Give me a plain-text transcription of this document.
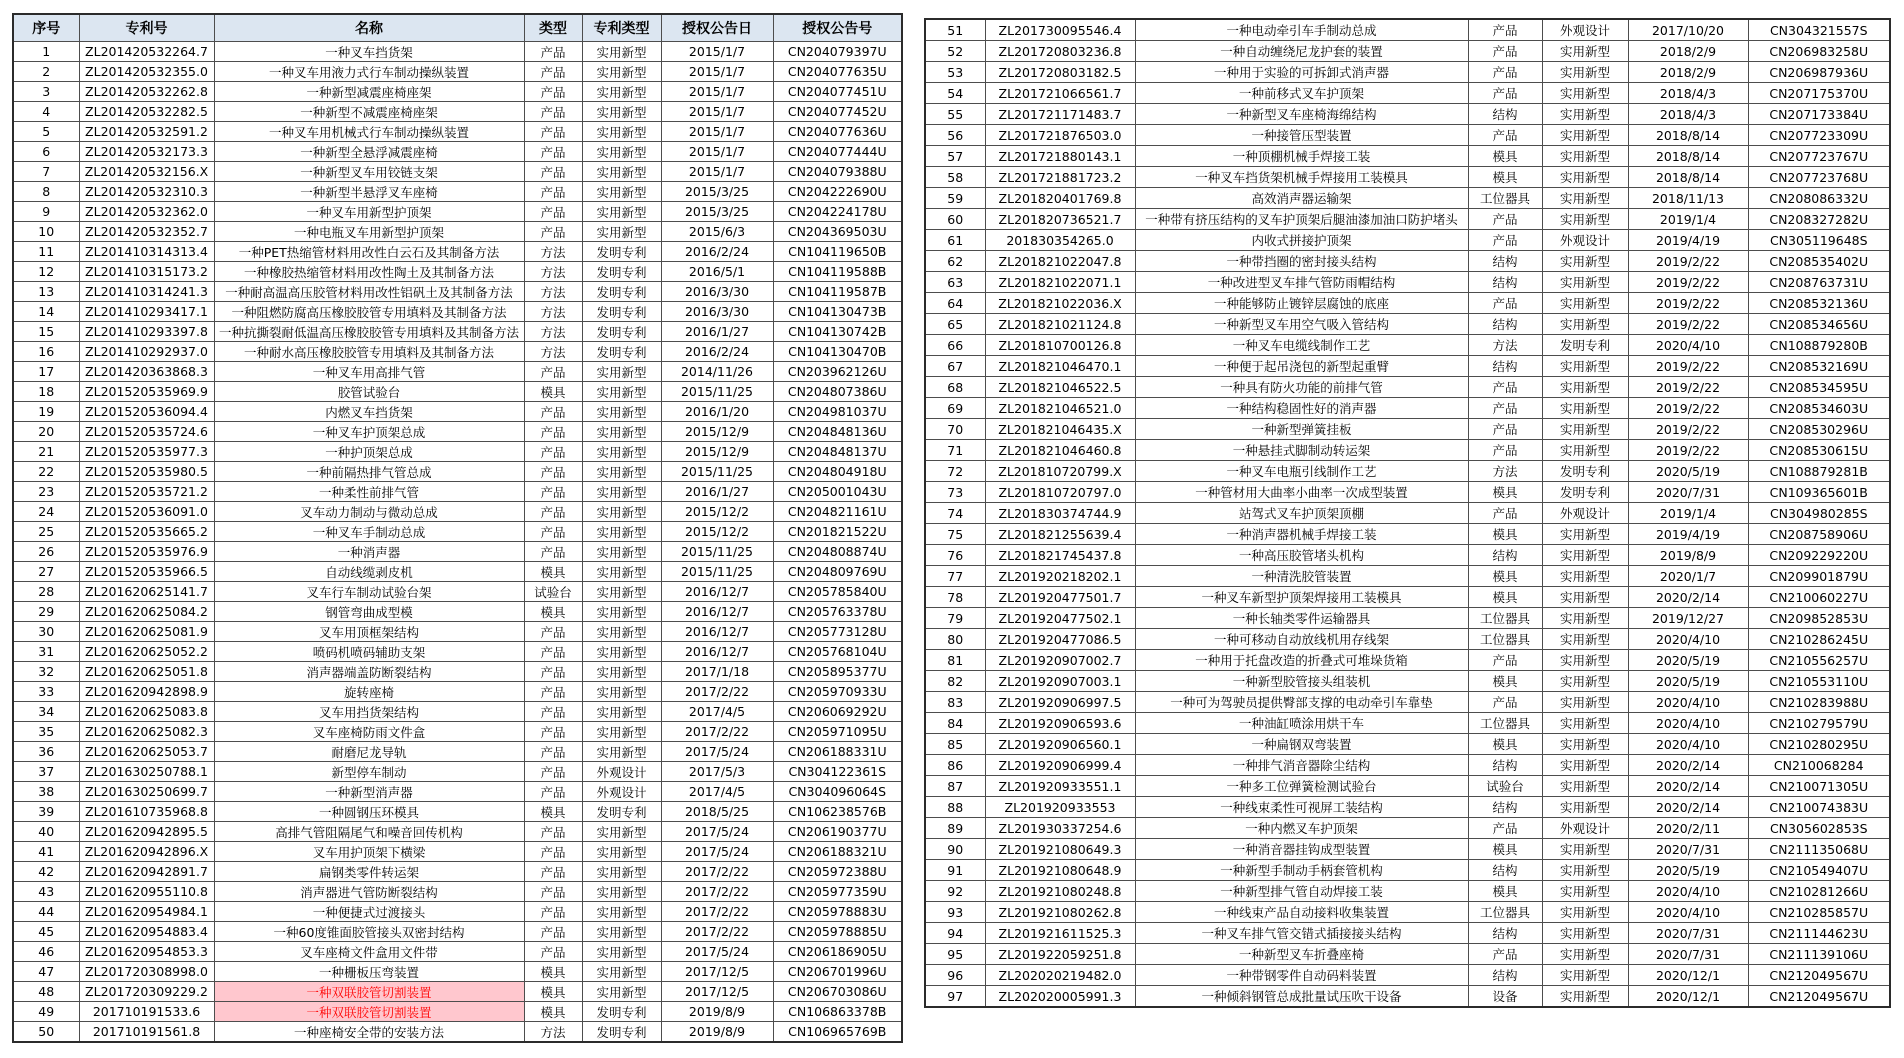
序号	专利号	名称	类型	专利类型	授权公告日	授权公告号
1	ZL201420532264.7	一种叉车挡货架	产品	实用新型	2015/1/7	CN204079397U
2	ZL201420532355.0	一种叉车用液力式行车制动操纵装置	产品	实用新型	2015/1/7	CN204077635U
3	ZL201420532262.8	一种新型减震座椅座架	产品	实用新型	2015/1/7	CN204077451U
4	ZL201420532282.5	一种新型不减震座椅座架	产品	实用新型	2015/1/7	CN204077452U
5	ZL201420532591.2	一种叉车用机械式行车制动操纵装置	产品	实用新型	2015/1/7	CN204077636U
6	ZL201420532173.3	一种新型全悬浮减震座椅	产品	实用新型	2015/1/7	CN204077444U
7	ZL201420532156.X	一种新型叉车用铰链支架	产品	实用新型	2015/1/7	CN204079388U
8	ZL201420532310.3	一种新型半悬浮叉车座椅	产品	实用新型	2015/3/25	CN204222690U
9	ZL201420532362.0	一种叉车用新型护顶架	产品	实用新型	2015/3/25	CN204224178U
10	ZL201420532352.7	一种电瓶叉车用新型护顶架	产品	实用新型	2015/6/3	CN204369503U
11	ZL201410314313.4	一种PET热缩管材料用改性白云石及其制备方法	方法	发明专利	2016/2/24	CN104119650B
12	ZL201410315173.2	一种橡胶热缩管材料用改性陶土及其制备方法	方法	发明专利	2016/5/1	CN104119588B
13	ZL201410314241.3	一种耐高温高压胶管材料用改性铝矾土及其制备方法	方法	发明专利	2016/3/30	CN104119587B
14	ZL201410293417.1	一种阻燃防腐高压橡胶胶管专用填料及其制备方法	方法	发明专利	2016/3/30	CN104130473B
15	ZL201410293397.8	一种抗撕裂耐低温高压橡胶胶管专用填料及其制备方法	方法	发明专利	2016/1/27	CN104130742B
16	ZL201410292937.0	一种耐水高压橡胶胶管专用填料及其制备方法	方法	发明专利	2016/2/24	CN104130470B
17	ZL201420363868.3	一种叉车用高排气管	产品	实用新型	2014/11/26	CN203962126U
18	ZL201520535969.9	胶管试验台	模具	实用新型	2015/11/25	CN204807386U
19	ZL201520536094.4	内燃叉车挡货架	产品	实用新型	2016/1/20	CN204981037U
20	ZL201520535724.6	一种叉车护顶架总成	产品	实用新型	2015/12/9	CN204848136U
21	ZL201520535977.3	一种护顶架总成	产品	实用新型	2015/12/9	CN204848137U
22	ZL201520535980.5	一种前隔热排气管总成	产品	实用新型	2015/11/25	CN204804918U
23	ZL201520535721.2	一种柔性前排气管	产品	实用新型	2016/1/27	CN205001043U
24	ZL201520536091.0	叉车动力制动与微动总成	产品	实用新型	2015/12/2	CN204821161U
25	ZL201520535665.2	一种叉车手制动总成	产品	实用新型	2015/12/2	CN201821522U
26	ZL201520535976.9	一种消声器	产品	实用新型	2015/11/25	CN204808874U
27	ZL201520535966.5	自动线缆剥皮机	模具	实用新型	2015/11/25	CN204809769U
28	ZL201620625141.7	叉车行车制动试验台架	试验台	实用新型	2016/12/7	CN205785840U
29	ZL201620625084.2	钢管弯曲成型模	模具	实用新型	2016/12/7	CN205763378U
30	ZL201620625081.9	叉车用顶框架结构	产品	实用新型	2016/12/7	CN205773128U
31	ZL201620625052.2	喷码机喷码辅助支架	产品	实用新型	2016/12/7	CN205768104U
32	ZL201620625051.8	消声器端盖防断裂结构	产品	实用新型	2017/1/18	CN205895377U
33	ZL201620942898.9	旋转座椅	产品	实用新型	2017/2/22	CN205970933U
34	ZL201620625083.8	叉车用挡货架结构	产品	实用新型	2017/4/5	CN206069292U
35	ZL201620625082.3	叉车座椅防雨文件盒	产品	实用新型	2017/2/22	CN205971095U
36	ZL201620625053.7	耐磨尼龙导轨	产品	实用新型	2017/5/24	CN206188331U
37	ZL201630250788.1	新型停车制动	产品	外观设计	2017/5/3	CN304122361S
38	ZL201630250699.7	一种新型消声器	产品	外观设计	2017/4/5	CN304096064S
39	ZL201610735968.8	一种圆钢压环模具	模具	发明专利	2018/5/25	CN106238576B
40	ZL201620942895.5	高排气管阻隔尾气和噪音回传机构	产品	实用新型	2017/5/24	CN206190377U
41	ZL201620942896.X	叉车用护顶架下横梁	产品	实用新型	2017/5/24	CN206188321U
42	ZL201620942891.7	扁钢类零件转运架	产品	实用新型	2017/2/22	CN205972388U
43	ZL201620955110.8	消声器进气管防断裂结构	产品	实用新型	2017/2/22	CN205977359U
44	ZL201620954984.1	一种便捷式过渡接头	产品	实用新型	2017/2/22	CN205978883U
45	ZL201620954883.4	一种60度锥面胶管接头双密封结构	产品	实用新型	2017/2/22	CN205978885U
46	ZL201620954853.3	叉车座椅文件盒用文件带	产品	实用新型	2017/5/24	CN206186905U
47	ZL201720308998.0	一种栅板压弯装置	模具	实用新型	2017/12/5	CN206701996U
48	ZL201720309229.2	一种双联胶管切割装置	模具	实用新型	2017/12/5	CN206703086U
49	201710191533.6	一种双联胶管切割装置	模具	发明专利	2019/8/9	CN106863378B
50	201710191561.8	一种座椅安全带的安装方法	方法	发明专利	2019/8/9	CN106965769B
51	ZL201730095546.4	一种电动牵引车手制动总成	产品	外观设计	2017/10/20	CN304321557S
52	ZL201720803236.8	一种自动缠绕尼龙护套的装置	产品	实用新型	2018/2/9	CN206983258U
53	ZL201720803182.5	一种用于实验的可拆卸式消声器	产品	实用新型	2018/2/9	CN206987936U
54	ZL201721066561.7	一种前移式叉车护顶架	产品	实用新型	2018/4/3	CN207175370U
55	ZL201721171483.7	一种新型叉车座椅海绵结构	结构	实用新型	2018/4/3	CN207173384U
56	ZL201721876503.0	一种接管压型装置	产品	实用新型	2018/8/14	CN207723309U
57	ZL201721880143.1	一种顶棚机械手焊接工装	模具	实用新型	2018/8/14	CN207723767U
58	ZL201721881723.2	一种叉车挡货架机械手焊接用工装模具	模具	实用新型	2018/8/14	CN207723768U
59	ZL201820401769.8	高效消声器运输架	工位器具	实用新型	2018/11/13	CN208086332U
60	ZL201820736521.7	一种带有挤压结构的叉车护顶架后腿油漆加油口防护堵头	产品	实用新型	2019/1/4	CN208327282U
61	201830354265.0	内收式拼接护顶架	产品	外观设计	2019/4/19	CN305119648S
62	ZL201821022047.8	一种带挡圈的密封接头结构	结构	实用新型	2019/2/22	CN208535402U
63	ZL201821022071.1	一种改进型叉车排气管防雨帽结构	结构	实用新型	2019/2/22	CN208763731U
64	ZL201821022036.X	一种能够防止镀锌层腐蚀的底座	产品	实用新型	2019/2/22	CN208532136U
65	ZL201821021124.8	一种新型叉车用空气吸入管结构	结构	实用新型	2019/2/22	CN208534656U
66	ZL201810700126.8	一种叉车电缆线制作工艺	方法	发明专利	2020/4/10	CN108879280B
67	ZL201821046470.1	一种便于起吊浇包的新型起重臂	结构	实用新型	2019/2/22	CN208532169U
68	ZL201821046522.5	一种具有防火功能的前排气管	产品	实用新型	2019/2/22	CN208534595U
69	ZL201821046521.0	一种结构稳固性好的消声器	产品	实用新型	2019/2/22	CN208534603U
70	ZL201821046435.X	一种新型弹簧挂板	产品	实用新型	2019/2/22	CN208530296U
71	ZL201821046460.8	一种悬挂式脚制动转运架	产品	实用新型	2019/2/22	CN208530615U
72	ZL201810720799.X	一种叉车电瓶引线制作工艺	方法	发明专利	2020/5/19	CN108879281B
73	ZL201810720797.0	一种管材用大曲率小曲率一次成型装置	模具	发明专利	2020/7/31	CN109365601B
74	ZL201830374744.9	站驾式叉车护顶架顶棚	产品	外观设计	2019/1/4	CN304980285S
75	ZL201821255639.4	一种消声器机械手焊接工装	模具	实用新型	2019/4/19	CN208758906U
76	ZL201821745437.8	一种高压胶管堵头机构	结构	实用新型	2019/8/9	CN209229220U
77	ZL201920218202.1	一种清洗胶管装置	模具	实用新型	2020/1/7	CN209901879U
78	ZL201920477501.7	一种叉车新型护顶架焊接用工装模具	模具	实用新型	2020/2/14	CN210060227U
79	ZL201920477502.1	一种长轴类零件运输器具	工位器具	实用新型	2019/12/27	CN209852853U
80	ZL201920477086.5	一种可移动自动放线机用存线架	工位器具	实用新型	2020/4/10	CN210286245U
81	ZL201920907002.7	一种用于托盘改造的折叠式可堆垛货箱	产品	实用新型	2020/5/19	CN210556257U
82	ZL201920907003.1	一种新型胶管接头组装机	模具	实用新型	2020/5/19	CN210553110U
83	ZL201920906997.5	一种可为驾驶员提供臀部支撑的电动牵引车靠垫	产品	实用新型	2020/4/10	CN210283988U
84	ZL201920906593.6	一种油缸喷涂用烘干车	工位器具	实用新型	2020/4/10	CN210279579U
85	ZL201920906560.1	一种扁钢双弯装置	模具	实用新型	2020/4/10	CN210280295U
86	ZL201920906999.4	一种排气消音器除尘结构	结构	实用新型	2020/2/14	CN210068284
87	ZL201920933551.1	一种多工位弹簧检测试验台	试验台	实用新型	2020/2/14	CN210071305U
88	ZL201920933553	一种线束柔性可视屏工装结构	结构	实用新型	2020/2/14	CN210074383U
89	ZL201930337254.6	一种内燃叉车护顶架	产品	外观设计	2020/2/11	CN305602853S
90	ZL201921080649.3	一种消音器挂钩成型装置	模具	实用新型	2020/7/31	CN211135068U
91	ZL201921080648.9	一种新型手制动手柄套管机构	结构	实用新型	2020/5/19	CN210549407U
92	ZL201921080248.8	一种新型排气管自动焊接工装	模具	实用新型	2020/4/10	CN210281266U
93	ZL201921080262.8	一种线束产品自动接料收集装置	工位器具	实用新型	2020/4/10	CN210285857U
94	ZL201921611525.3	一种叉车排气管交错式插接接头结构	结构	实用新型	2020/7/31	CN211144623U
95	ZL201922059251.8	一种新型叉车折叠座椅	产品	实用新型	2020/7/31	CN211139106U
96	ZL202020219482.0	一种带钢零件自动码料装置	结构	实用新型	2020/12/1	CN212049567U
97	ZL202020005991.3	一种倾斜钢管总成批量试压吹干设备	设备	实用新型	2020/12/1	CN212049567U
